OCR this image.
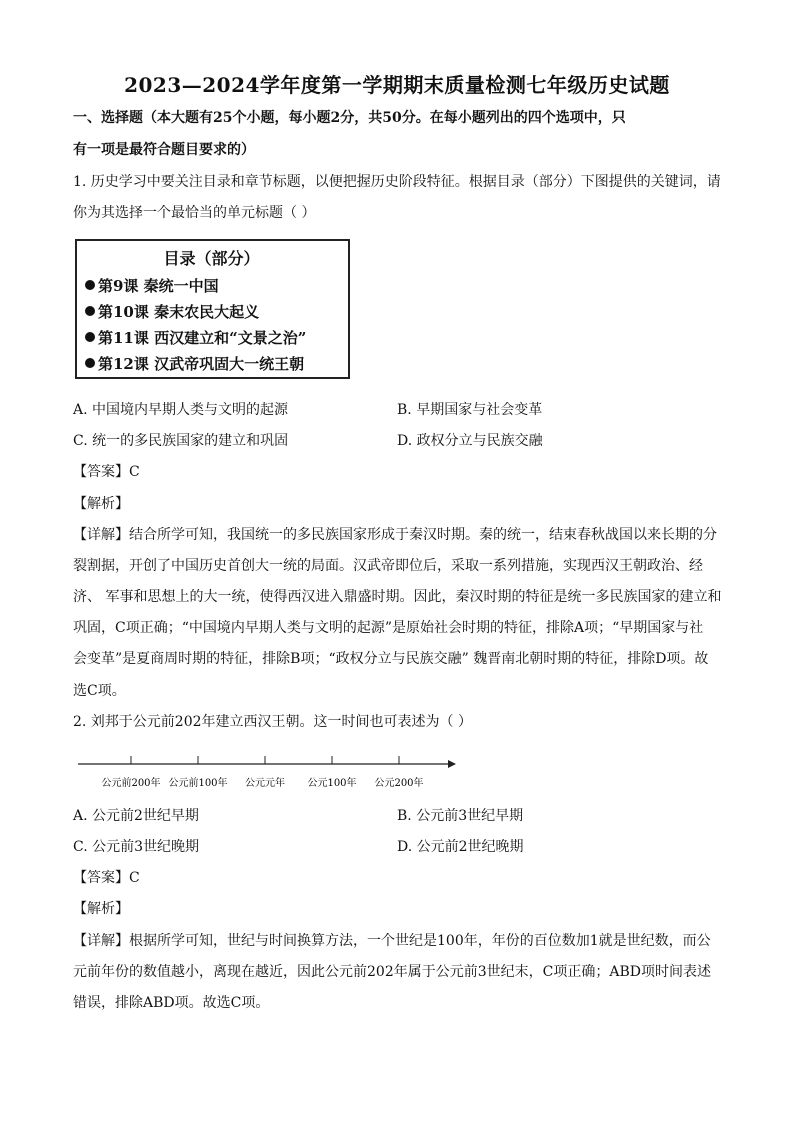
2023—2024学年度第一学期期末质量检测七年级历史试题
一、选择题（本大题有25个小题，每小题2分，共50分。在每小题列出的四个选项中，只
有一项是最符合题目要求的）
1. 历史学习中要关注目录和章节标题，以便把握历史阶段特征。根据目录（部分）下图提供的关键词，请
你为其选择一个最恰当的单元标题（ ）
目录（部分）
第9课 秦统一中国
第10课 秦末农民大起义
第11课 西汉建立和“文景之治”
第12课 汉武帝巩固大一统王朝
A. 中国境内早期人类与文明的起源	B. 早期国家与社会变革
C. 统一的多民族国家的建立和巩固	D. 政权分立与民族交融
【答案】C
【解析】
【详解】结合所学可知，我国统一的多民族国家形成于秦汉时期。秦的统一，结束春秋战国以来长期的分
裂割据，开创了中国历史首创大一统的局面。汉武帝即位后，采取一系列措施，实现西汉王朝政治、经
济、 军事和思想上的大一统，使得西汉进入鼎盛时期。因此，秦汉时期的特征是统一多民族国家的建立和
巩固，C项正确；“中国境内早期人类与文明的起源”是原始社会时期的特征，排除A项；“早期国家与社
会变革”是夏商周时期的特征，排除B项；“政权分立与民族交融” 魏晋南北朝时期的特征，排除D项。故
选C项。
2. 刘邦于公元前202年建立西汉王朝。这一时间也可表述为（ ）
公元前200年 公元前100年 公元元年 公元100年 公元200年
A. 公元前2世纪早期	B. 公元前3世纪早期
C. 公元前3世纪晚期	D. 公元前2世纪晚期
【答案】C
【解析】
【详解】根据所学可知，世纪与时间换算方法，一个世纪是100年，年份的百位数加1就是世纪数，而公
元前年份的数值越小，离现在越近，因此公元前202年属于公元前3世纪末，C项正确；ABD项时间表述
错误，排除ABD项。故选C项。
